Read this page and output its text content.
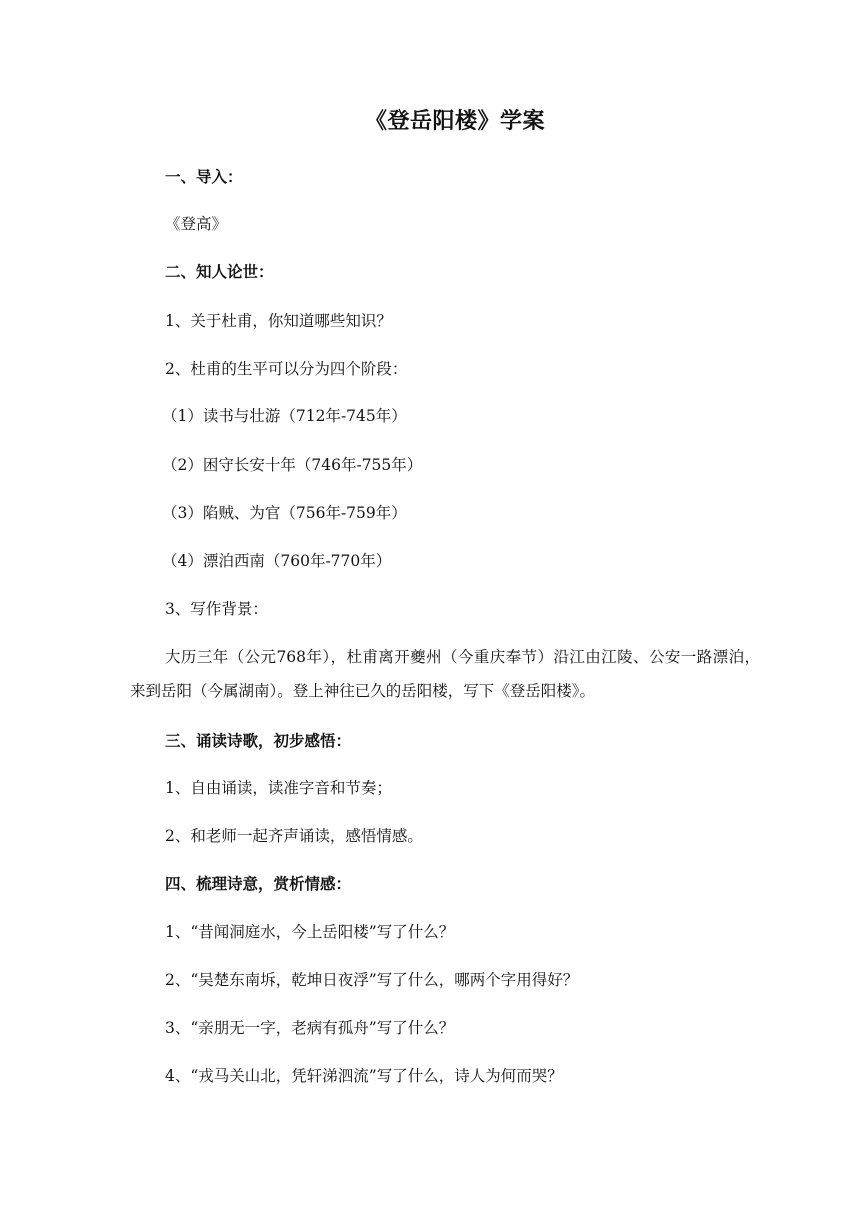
《登岳阳楼》学案
一、导入：
《登高》
二、知人论世：
1、关于杜甫，你知道哪些知识？
2、杜甫的生平可以分为四个阶段：
（1）读书与壮游（712年-745年）
（2）困守长安十年（746年-755年）
（3）陷贼、为官（756年-759年）
（4）漂泊西南（760年-770年）
3、写作背景：
大历三年（公元768年），杜甫离开夔州（今重庆奉节）沿江由江陵、公安一路漂泊，来到岳阳（今属湖南）。登上神往已久的岳阳楼，写下《登岳阳楼》。
三、诵读诗歌，初步感悟：
1、自由诵读，读准字音和节奏；
2、和老师一起齐声诵读，感悟情感。
四、梳理诗意，赏析情感：
1、“昔闻洞庭水，今上岳阳楼”写了什么？
2、“吴楚东南坼，乾坤日夜浮”写了什么，哪两个字用得好？
3、“亲朋无一字，老病有孤舟”写了什么？
4、“戎马关山北，凭轩涕泗流”写了什么，诗人为何而哭？
